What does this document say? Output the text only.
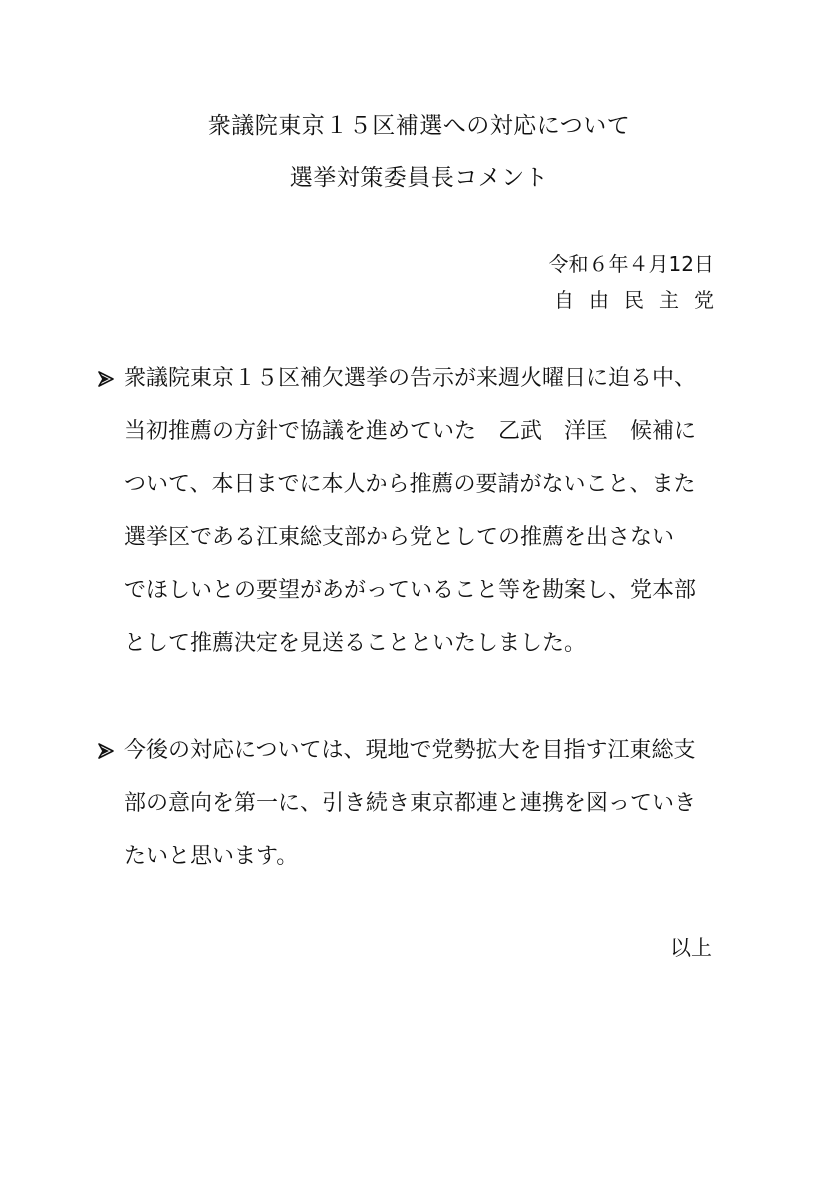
衆議院東京１５区補選への対応について
選挙対策委員長コメント
令和６年４月12日
自由民主党
衆議院東京１５区補欠選挙の告示が来週火曜日に迫る中、
当初推薦の方針で協議を進めていた　乙武　洋匡　候補に
ついて、本日までに本人から推薦の要請がないこと、また
選挙区である江東総支部から党としての推薦を出さない
でほしいとの要望があがっていること等を勘案し、党本部
として推薦決定を見送ることといたしました。
今後の対応については、現地で党勢拡大を目指す江東総支
部の意向を第一に、引き続き東京都連と連携を図っていき
たいと思います。
以上
